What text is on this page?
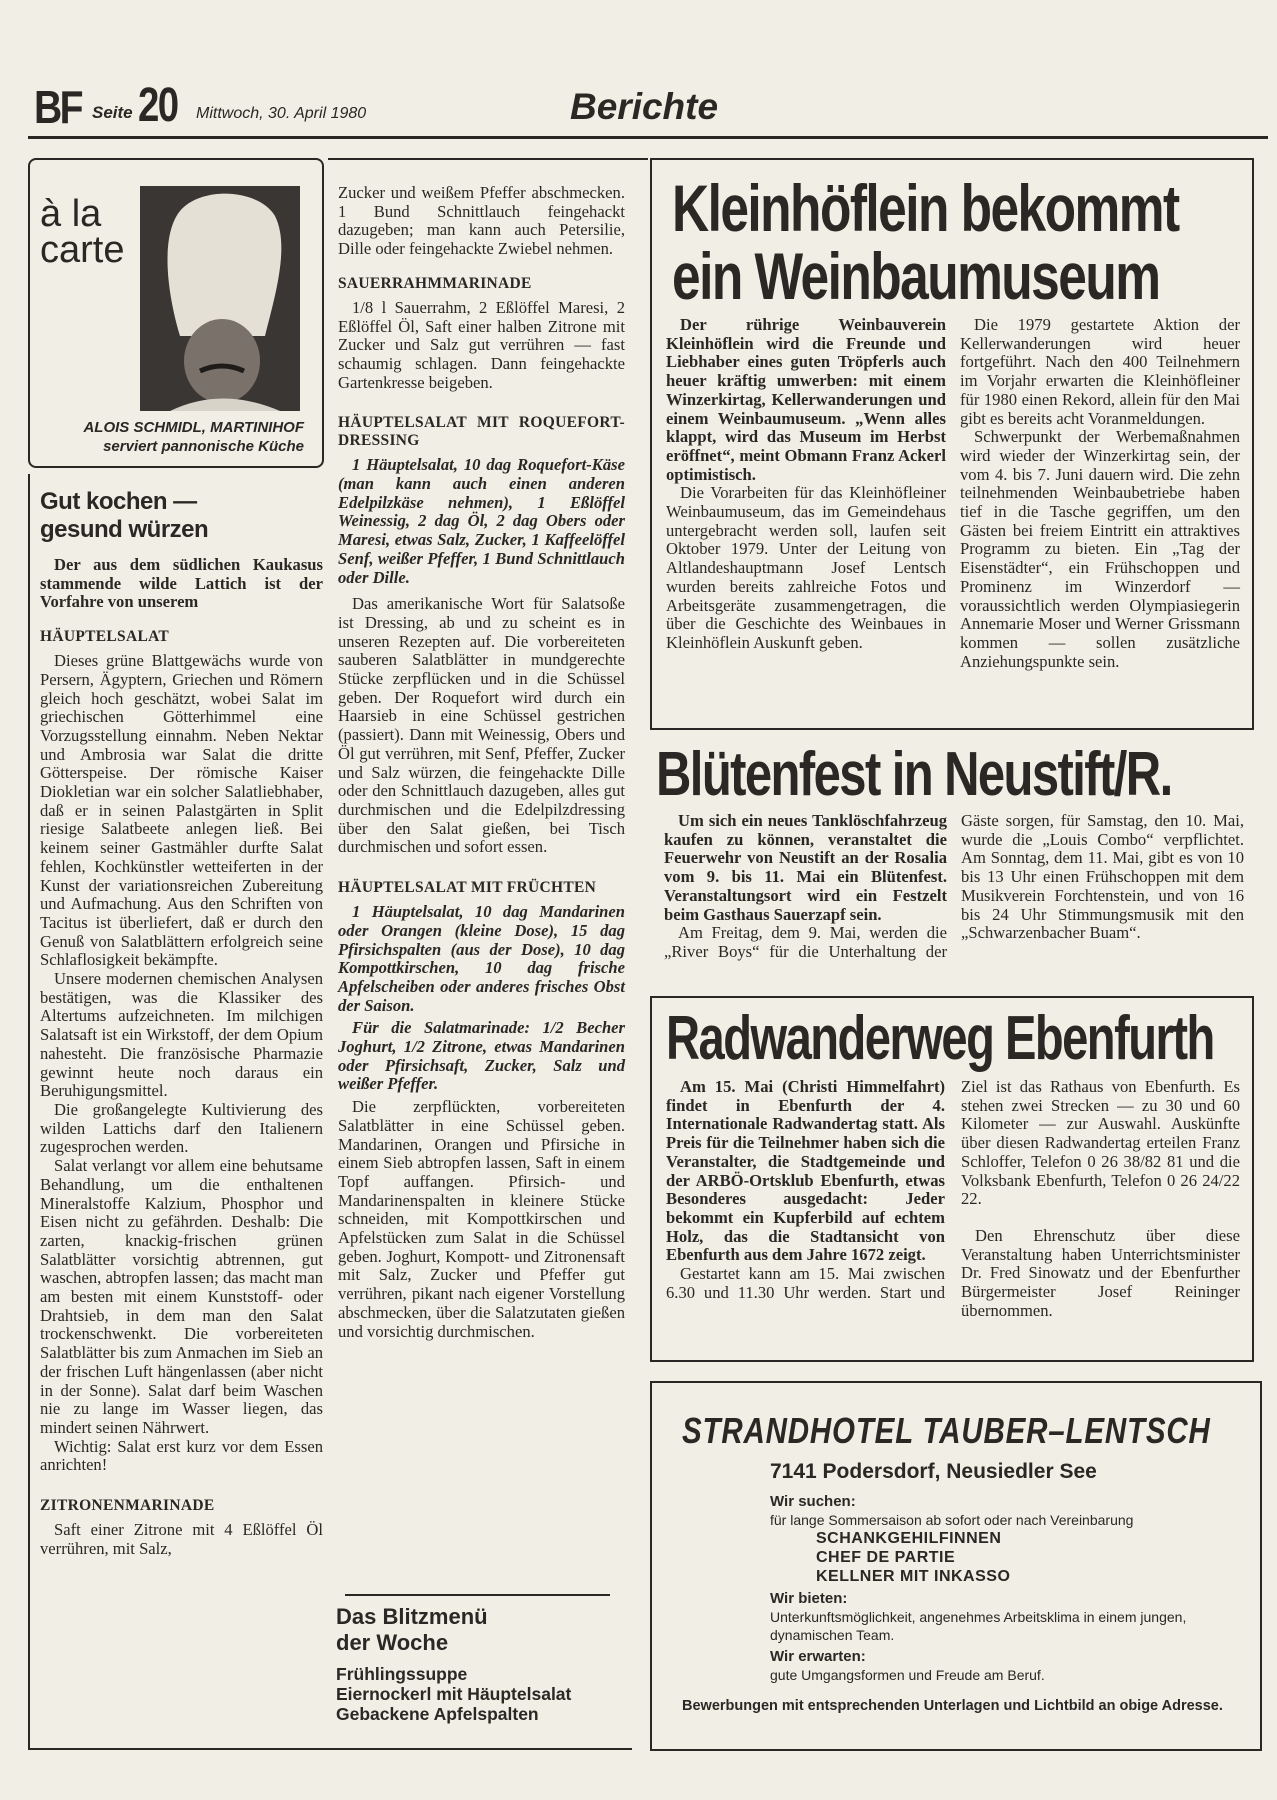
BF Seite 20 Mittwoch, 30. April 1980	Berichte
à la
carte
ALOIS SCHMIDL, MARTINIHOF
serviert pannonische Küche
Gut kochen —
gesund würzen

Der aus dem südlichen Kaukasus stammende wilde Lattich ist der Vorfahre von unserem

HÄUPTELSALAT

Dieses grüne Blattgewächs wurde von Persern, Ägyptern, Griechen und Römern gleich hoch geschätzt, wobei Salat im griechischen Götterhimmel eine Vorzugsstellung einnahm. Neben Nektar und Ambrosia war Salat die dritte Götterspeise. Der römische Kaiser Diokletian war ein solcher Salatliebhaber, daß er in seinen Palastgärten in Split riesige Salatbeete anlegen ließ. Bei keinem seiner Gastmähler durfte Salat fehlen, Kochkünstler wetteiferten in der Kunst der variationsreichen Zubereitung und Aufmachung. Aus den Schriften von Tacitus ist überliefert, daß er durch den Genuß von Salatblättern erfolgreich seine Schlaflosigkeit bekämpfte.

Unsere modernen chemischen Analysen bestätigen, was die Klassiker des Altertums aufzeichneten. Im milchigen Salatsaft ist ein Wirkstoff, der dem Opium nahesteht. Die französische Pharmazie gewinnt heute noch daraus ein Beruhigungsmittel.

Die großangelegte Kultivierung des wilden Lattichs darf den Italienern zugesprochen werden.

Salat verlangt vor allem eine behutsame Behandlung, um die enthaltenen Mineralstoffe Kalzium, Phosphor und Eisen nicht zu gefährden. Deshalb: Die zarten, knackig-frischen grünen Salatblätter vorsichtig abtrennen, gut waschen, abtropfen lassen; das macht man am besten mit einem Kunststoff- oder Drahtsieb, in dem man den Salat trockenschwenkt. Die vorbereiteten Salatblätter bis zum Anmachen im Sieb an der frischen Luft hängenlassen (aber nicht in der Sonne). Salat darf beim Waschen nie zu lange im Wasser liegen, das mindert seinen Nährwert.

Wichtig: Salat erst kurz vor dem Essen anrichten!

ZITRONENMARINADE

Saft einer Zitrone mit 4 Eßlöffel Öl verrühren, mit Salz,

Zucker und weißem Pfeffer abschmecken. 1 Bund Schnittlauch feingehackt dazugeben; man kann auch Petersilie, Dille oder feingehackte Zwiebel nehmen.

SAUERRAHMMARINADE

1/8 l Sauerrahm, 2 Eßlöffel Maresi, 2 Eßlöffel Öl, Saft einer halben Zitrone mit Zucker und Salz gut verrühren — fast schaumig schlagen. Dann feingehackte Gartenkresse beigeben.

HÄUPTELSALAT MIT ROQUEFORT-DRESSING

1 Häuptelsalat, 10 dag Roquefort-Käse (man kann auch einen anderen Edelpilzkäse nehmen), 1 Eßlöffel Weinessig, 2 dag Öl, 2 dag Obers oder Maresi, etwas Salz, Zucker, 1 Kaffeelöffel Senf, weißer Pfeffer, 1 Bund Schnittlauch oder Dille.

Das amerikanische Wort für Salatsoße ist Dressing, ab und zu scheint es in unseren Rezepten auf. Die vorbereiteten sauberen Salatblätter in mundgerechte Stücke zerpflücken und in die Schüssel geben. Der Roquefort wird durch ein Haarsieb in eine Schüssel gestrichen (passiert). Dann mit Weinessig, Obers und Öl gut verrühren, mit Senf, Pfeffer, Zucker und Salz würzen, die feingehackte Dille oder den Schnittlauch dazugeben, alles gut durchmischen und die Edelpilzdressing über den Salat gießen, bei Tisch durchmischen und sofort essen.

HÄUPTELSALAT MIT FRÜCHTEN

1 Häuptelsalat, 10 dag Mandarinen oder Orangen (kleine Dose), 15 dag Pfirsichspalten (aus der Dose), 10 dag Kompottkirschen, 10 dag frische Apfelscheiben oder anderes frisches Obst der Saison.

Für die Salatmarinade: 1/2 Becher Joghurt, 1/2 Zitrone, etwas Mandarinen oder Pfirsichsaft, Zucker, Salz und weißer Pfeffer.

Die zerpflückten, vorbereiteten Salatblätter in eine Schüssel geben. Mandarinen, Orangen und Pfirsiche in einem Sieb abtropfen lassen, Saft in einem Topf auffangen. Pfirsich- und Mandarinenspalten in kleinere Stücke schneiden, mit Kompottkirschen und Apfelstücken zum Salat in die Schüssel geben. Joghurt, Kompott- und Zitronensaft mit Salz, Zucker und Pfeffer gut verrühren, pikant nach eigener Vorstellung abschmecken, über die Salatzutaten gießen und vorsichtig durchmischen.

Das Blitzmenü
der Woche
Frühlingssuppe
Eiernockerl mit Häuptelsalat
Gebackene Apfelspalten
Kleinhöflein bekommt
ein Weinbaumuseum

Der rührige Weinbauverein Kleinhöflein wird die Freunde und Liebhaber eines guten Tröpferls auch heuer kräftig umwerben: mit einem Winzerkirtag, Kellerwanderungen und einem Weinbaumuseum. „Wenn alles klappt, wird das Museum im Herbst eröffnet“, meint Obmann Franz Ackerl optimistisch.

Die Vorarbeiten für das Kleinhöfleiner Weinbaumuseum, das im Gemeindehaus untergebracht werden soll, laufen seit Oktober 1979. Unter der Leitung von Altlandeshauptmann Josef Lentsch wurden bereits zahlreiche Fotos und Arbeitsgeräte zusammengetragen, die über die Geschichte des Weinbaues in Kleinhöflein Auskunft geben.

Die 1979 gestartete Aktion der Kellerwanderungen wird heuer fortgeführt. Nach den 400 Teilnehmern im Vorjahr erwarten die Kleinhöfleiner für 1980 einen Rekord, allein für den Mai gibt es bereits acht Voranmeldungen.

Schwerpunkt der Werbemaßnahmen wird wieder der Winzerkirtag sein, der vom 4. bis 7. Juni dauern wird. Die zehn teilnehmenden Weinbaubetriebe haben tief in die Tasche gegriffen, um den Gästen bei freiem Eintritt ein attraktives Programm zu bieten. Ein „Tag der Eisenstädter“, ein Frühschoppen und Prominenz im Winzerdorf — voraussichtlich werden Olympiasiegerin Annemarie Moser und Werner Grissmann kommen — sollen zusätzliche Anziehungspunkte sein.

Blütenfest in Neustift/R.

Um sich ein neues Tanklöschfahrzeug kaufen zu können, veranstaltet die Feuerwehr von Neustift an der Rosalia vom 9. bis 11. Mai ein Blütenfest. Veranstaltungsort wird ein Festzelt beim Gasthaus Sauerzapf sein.

Am Freitag, dem 9. Mai, werden die „River Boys“ für die Unterhaltung der Gäste sorgen, für Samstag, den 10. Mai, wurde die „Louis Combo“ verpflichtet. Am Sonntag, dem 11. Mai, gibt es von 10 bis 13 Uhr einen Frühschoppen mit dem Musikverein Forchtenstein, und von 16 bis 24 Uhr Stimmungsmusik mit den „Schwarzenbacher Buam“.

Radwanderweg Ebenfurth

Am 15. Mai (Christi Himmelfahrt) findet in Ebenfurth der 4. Internationale Radwandertag statt. Als Preis für die Teilnehmer haben sich die Veranstalter, die Stadtgemeinde und der ARBÖ-Ortsklub Ebenfurth, etwas Besonderes ausgedacht: Jeder bekommt ein Kupferbild auf echtem Holz, das die Stadtansicht von Ebenfurth aus dem Jahre 1672 zeigt.

Gestartet kann am 15. Mai zwischen 6.30 und 11.30 Uhr werden. Start und Ziel ist das Rathaus von Ebenfurth. Es stehen zwei Strecken — zu 30 und 60 Kilometer — zur Auswahl. Auskünfte über diesen Radwandertag erteilen Franz Schloffer, Telefon 0 26 38/82 81 und die Volksbank Ebenfurth, Telefon 0 26 24/22 22.

Den Ehrenschutz über diese Veranstaltung haben Unterrichtsminister Dr. Fred Sinowatz und der Ebenfurther Bürgermeister Josef Reininger übernommen.

STRANDHOTEL TAUBER–LENTSCH
7141 Podersdorf, Neusiedler See
Wir suchen:
für lange Sommersaison ab sofort oder nach Vereinbarung
SCHANKGEHILFINNEN
CHEF DE PARTIE
KELLNER MIT INKASSO
Wir bieten:
Unterkunftsmöglichkeit, angenehmes Arbeitsklima in einem jungen, dynamischen Team.
Wir erwarten:
gute Umgangsformen und Freude am Beruf.
Bewerbungen mit entsprechenden Unterlagen und Lichtbild an obige Adresse.
